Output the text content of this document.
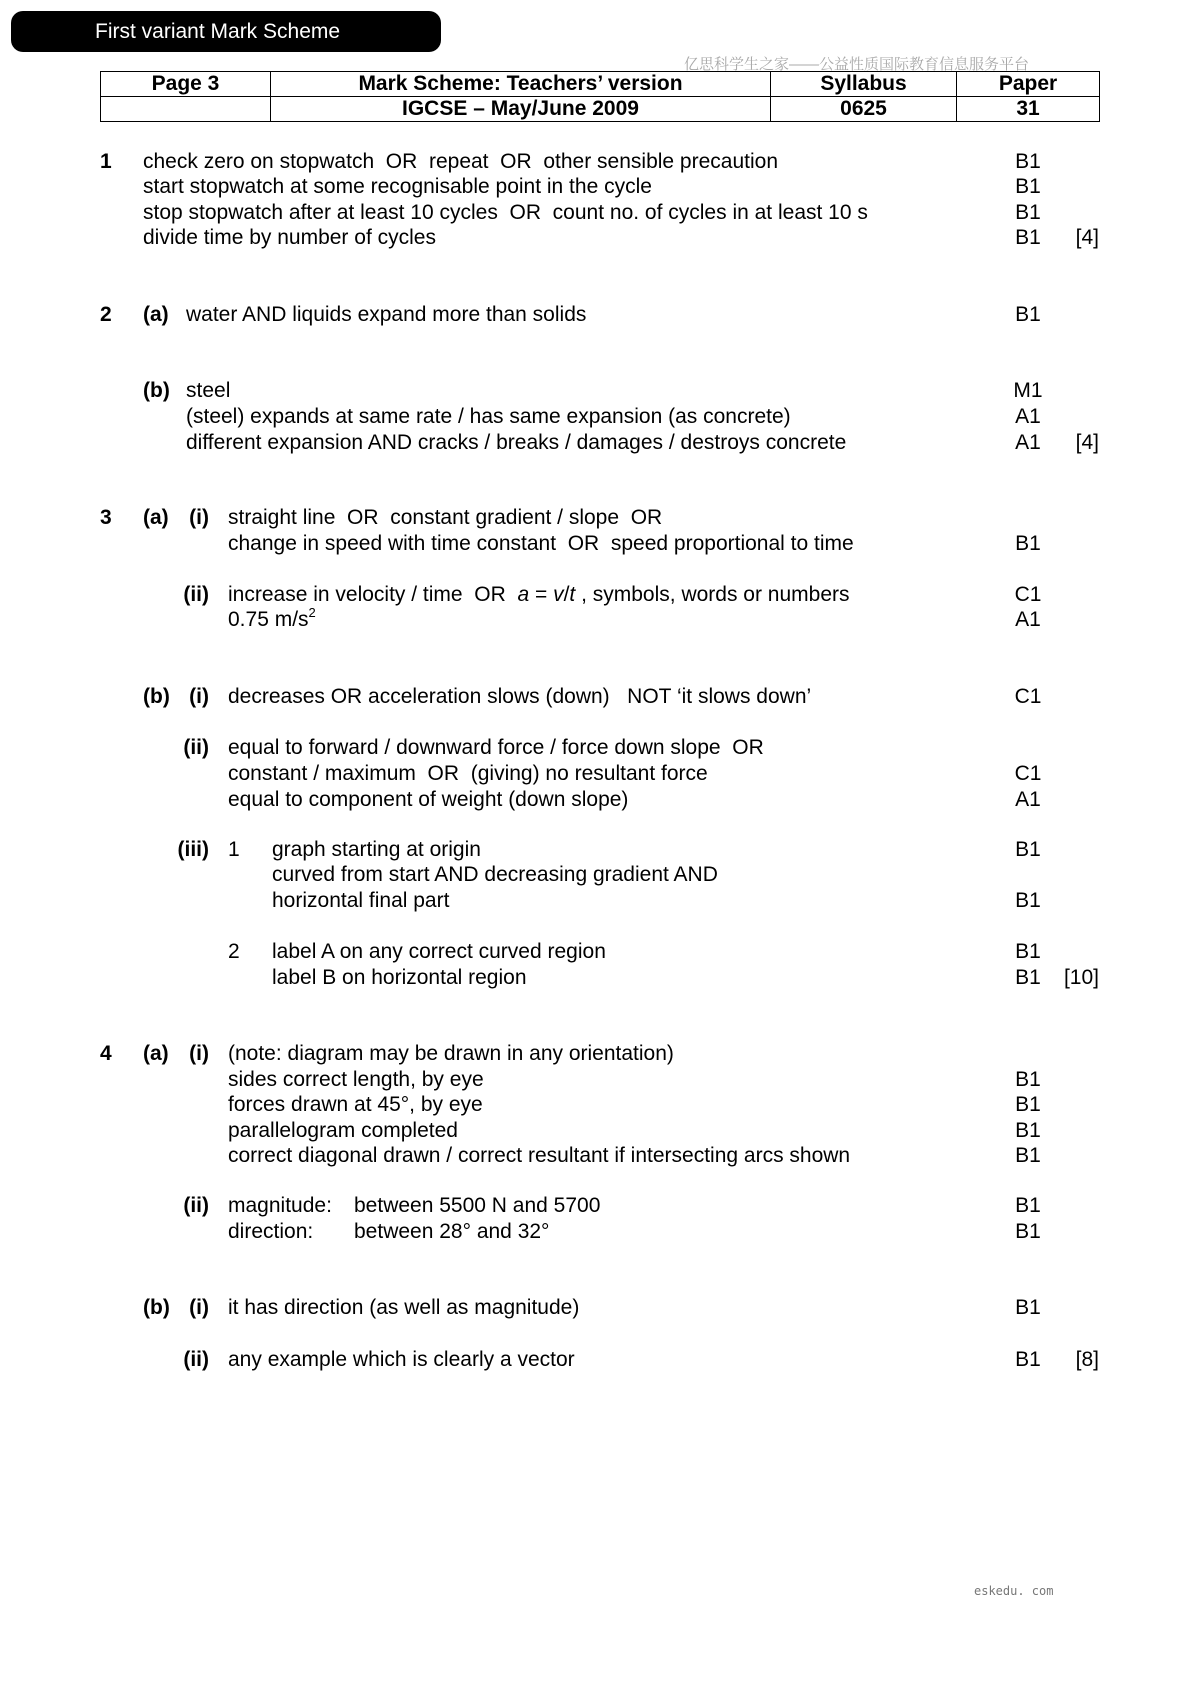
First variant Mark Scheme
亿思科学生之家——公益性质国际教育信息服务平台
Page 3	Mark Scheme: Teachers’ version	Syllabus	Paper
	IGCSE – May/June 2009	0625	31
1 check zero on stopwatch  OR  repeat  OR  other sensible precaution	B1
start stopwatch at some recognisable point in the cycle	B1
stop stopwatch after at least 10 cycles  OR  count no. of cycles in at least 10 s	B1
divide time by number of cycles	B1	[4]
2 (a) water AND liquids expand more than solids	B1
(b) steel	M1
(steel) expands at same rate / has same expansion (as concrete)	A1
different expansion AND cracks / breaks / damages / destroys concrete	A1	[4]
3 (a) (i) straight line  OR  constant gradient / slope  OR
change in speed with time constant  OR  speed proportional to time	B1
(ii) increase in velocity / time  OR  a = v/t , symbols, words or numbers	C1
0.75 $m/s^2$	A1
(b) (i) decreases OR acceleration slows (down)   NOT ‘it slows down’	C1
(ii) equal to forward / downward force / force down slope  OR
constant / maximum  OR  (giving) no resultant force	C1
equal to component of weight (down slope)	A1
(iii) 1 graph starting at origin	B1
curved from start AND decreasing gradient AND
horizontal final part	B1
2 label A on any correct curved region	B1
label B on horizontal region	B1	[10]
4 (a) (i) (note: diagram may be drawn in any orientation)
sides correct length, by eye	B1
forces drawn at 45°, by eye	B1
parallelogram completed	B1
correct diagonal drawn / correct resultant if intersecting arcs shown	B1
(ii) magnitude: between 5500 N and 5700	B1
direction: between 28° and 32°	B1
(b) (i) it has direction (as well as magnitude)	B1
(ii) any example which is clearly a vector	B1	[8]
eskedu. com
